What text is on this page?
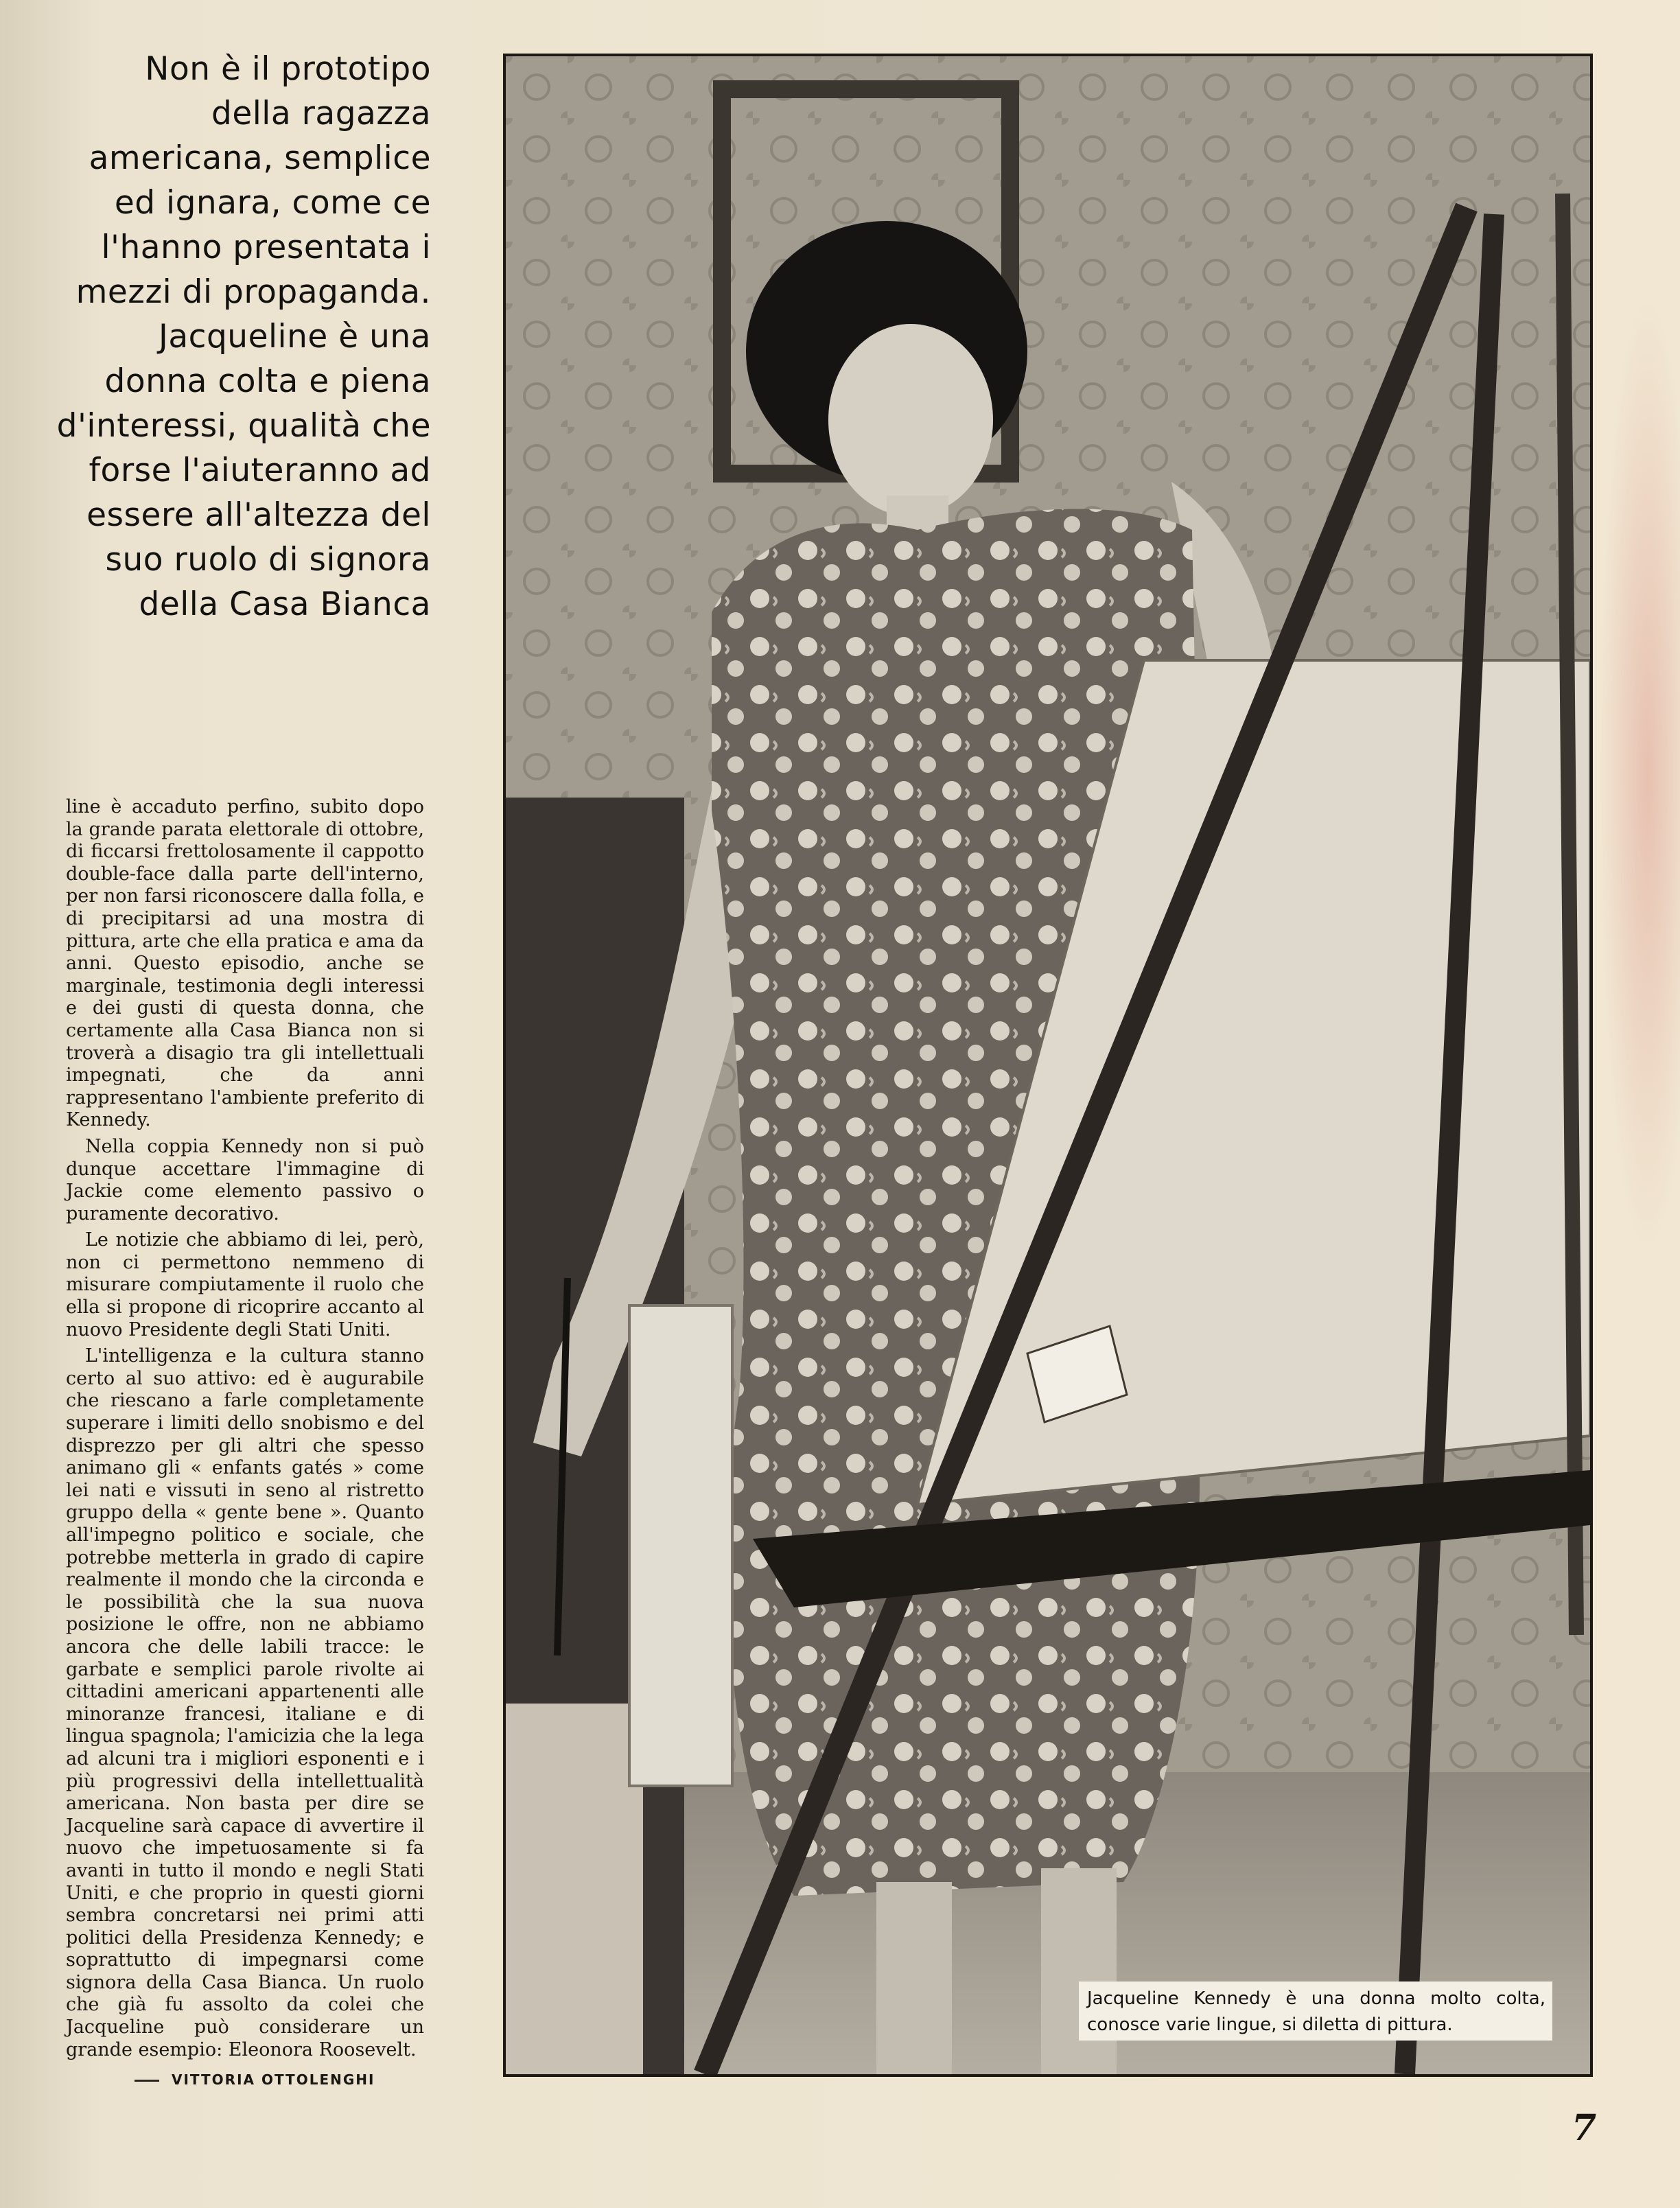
Non è il prototipo della ragazza americana, semplice ed ignara, come ce l'hanno presentata i mezzi di propaganda. Jacqueline è una donna colta e piena d'interessi, qualità che forse l'aiuteranno ad essere all'altezza del suo ruolo di signora della Casa Bianca

line è accaduto perfino, subito dopo la grande parata elettorale di ottobre, di ficcarsi frettolosamente il cappotto double-face dalla parte dell'interno, per non farsi riconoscere dalla folla, e di precipitarsi ad una mostra di pittura, arte che ella pratica e ama da anni. Questo episodio, anche se marginale, testimonia degli interessi e dei gusti di questa donna, che certamente alla Casa Bianca non si troverà a disagio tra gli intellettuali impegnati, che da anni rappresentano l'ambiente preferito di Kennedy.

Nella coppia Kennedy non si può dunque accettare l'immagine di Jackie come elemento passivo o puramente decorativo.

Le notizie che abbiamo di lei, però, non ci permettono nemmeno di misurare compiutamente il ruolo che ella si propone di ricoprire accanto al nuovo Presidente degli Stati Uniti.

L'intelligenza e la cultura stanno certo al suo attivo: ed è augurabile che riescano a farle completamente superare i limiti dello snobismo e del disprezzo per gli altri che spesso animano gli « enfants gatés » come lei nati e vissuti in seno al ristretto gruppo della « gente bene ». Quanto all'impegno politico e sociale, che potrebbe metterla in grado di capire realmente il mondo che la circonda e le possibilità che la sua nuova posizione le offre, non ne abbiamo ancora che delle labili tracce: le garbate e semplici parole rivolte ai cittadini americani appartenenti alle minoranze francesi, italiane e di lingua spagnola; l'amicizia che la lega ad alcuni tra i migliori esponenti e i più progressivi della intellettualità americana. Non basta per dire se Jacqueline sarà capace di avvertire il nuovo che impetuosamente si fa avanti in tutto il mondo e negli Stati Uniti, e che proprio in questi giorni sembra concretarsi nei primi atti politici della Presidenza Kennedy; e soprattutto di impegnarsi come signora della Casa Bianca. Un ruolo che già fu assolto da colei che Jacqueline può considerare un grande esempio: Eleonora Roosevelt.

VITTORIA OTTOLENGHI
Jacqueline Kennedy è una donna molto colta, conosce varie lingue, si diletta di pittura.
7
